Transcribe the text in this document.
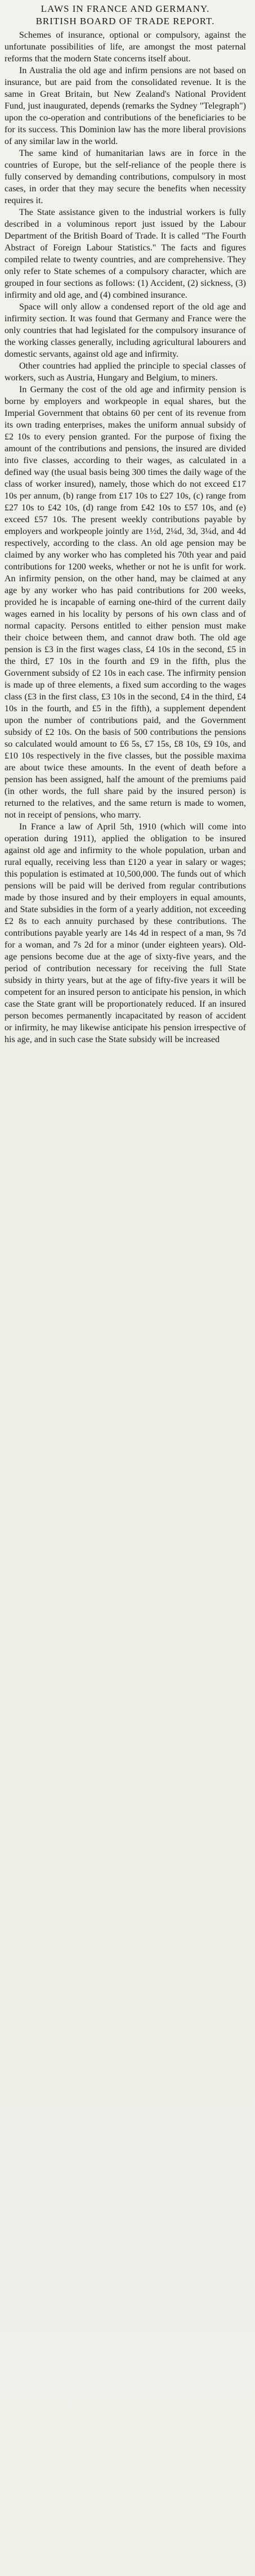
LAWS IN FRANCE AND GERMANY.
BRITISH BOARD OF TRADE REPORT.

Schemes of insurance, optional or compulsory, against the unfortunate possibilities of life, are amongst the most paternal reforms that the modern State concerns itself about.

In Australia the old age and infirm pensions are not based on insurance, but are paid from the consolidated revenue. It is the same in Great Britain, but New Zealand's National Provident Fund, just inaugurated, depends (remarks the Sydney "Telegraph") upon the co-operation and contributions of the beneficiaries to be for its success. This Dominion law has the more liberal provisions of any similar law in the world.

The same kind of humanitarian laws are in force in the countries of Europe, but the self-reliance of the people there is fully conserved by demanding contributions, compulsory in most cases, in order that they may secure the benefits when necessity requires it.

The State assistance given to the industrial workers is fully described in a voluminous report just issued by the Labour Department of the British Board of Trade. It is called "The Fourth Abstract of Foreign Labour Statistics." The facts and figures compiled relate to twenty countries, and are comprehensive. They only refer to State schemes of a compulsory character, which are grouped in four sections as follows: (1) Accident, (2) sickness, (3) infirmity and old age, and (4) combined insurance.

Space will only allow a condensed report of the old age and infirmity section. It was found that Germany and France were the only countries that had legislated for the compulsory insurance of the working classes generally, including agricultural labourers and domestic servants, against old age and infirmity.

Other countries had applied the principle to special classes of workers, such as Austria, Hungary and Belgium, to miners.

In Germany the cost of the old age and infirmity pension is borne by employers and workpeople in equal shares, but the Imperial Government that obtains 60 per cent of its revenue from its own trading enterprises, makes the uniform annual subsidy of £2 10s to every pension granted. For the purpose of fixing the amount of the contributions and pensions, the insured are divided into five classes, according to their wages, as calculated in a defined way (the usual basis being 300 times the daily wage of the class of worker insured), namely, those which do not exceed £17 10s per annum, (b) range from £17 10s to £27 10s, (c) range from £27 10s to £42 10s, (d) range from £42 10s to £57 10s, and (e) exceed £57 10s. The present weekly contributions payable by employers and workpeople jointly are 1½d, 2¼d, 3d, 3¼d, and 4d respectively, according to the class. An old age pension may be claimed by any worker who has completed his 70th year and paid contributions for 1200 weeks, whether or not he is unfit for work. An infirmity pension, on the other hand, may be claimed at any age by any worker who has paid contributions for 200 weeks, provided he is incapable of earning one-third of the current daily wages earned in his locality by persons of his own class and of normal capacity. Persons entitled to either pension must make their choice between them, and cannot draw both. The old age pension is £3 in the first wages class, £4 10s in the second, £5 in the third, £7 10s in the fourth and £9 in the fifth, plus the Government subsidy of £2 10s in each case. The infirmity pension is made up of three elements, a fixed sum according to the wages class (£3 in the first class, £3 10s in the second, £4 in the third, £4 10s in the fourth, and £5 in the fifth), a supplement dependent upon the number of contributions paid, and the Government subsidy of £2 10s. On the basis of 500 contributions the pensions so calculated would amount to £6 5s, £7 15s, £8 10s, £9 10s, and £10 10s respectively in the five classes, but the possible maxima are about twice these amounts. In the event of death before a pension has been assigned, half the amount of the premiums paid (in other words, the full share paid by the insured person) is returned to the relatives, and the same return is made to women, not in receipt of pensions, who marry.

In France a law of April 5th, 1910 (which will come into operation during 1911), applied the obligation to be insured against old age and infirmity to the whole population, urban and rural equally, receiving less than £120 a year in salary or wages; this population is estimated at 10,500,000. The funds out of which pensions will be paid will be derived from regular contributions made by those insured and by their employers in equal amounts, and State subsidies in the form of a yearly addition, not exceeding £2 8s to each annuity purchased by these contributions. The contributions payable yearly are 14s 4d in respect of a man, 9s 7d for a woman, and 7s 2d for a minor (under eighteen years). Old-age pensions become due at the age of sixty-five years, and the period of contribution necessary for receiving the full State subsidy in thirty years, but at the age of fifty-five years it will be competent for an insured person to anticipate his pension, in which case the State grant will be proportionately reduced. If an insured person becomes permanently incapacitated by reason of accident or infirmity, he may likewise anticipate his pension irrespective of his age, and in such case the State subsidy will be increased
